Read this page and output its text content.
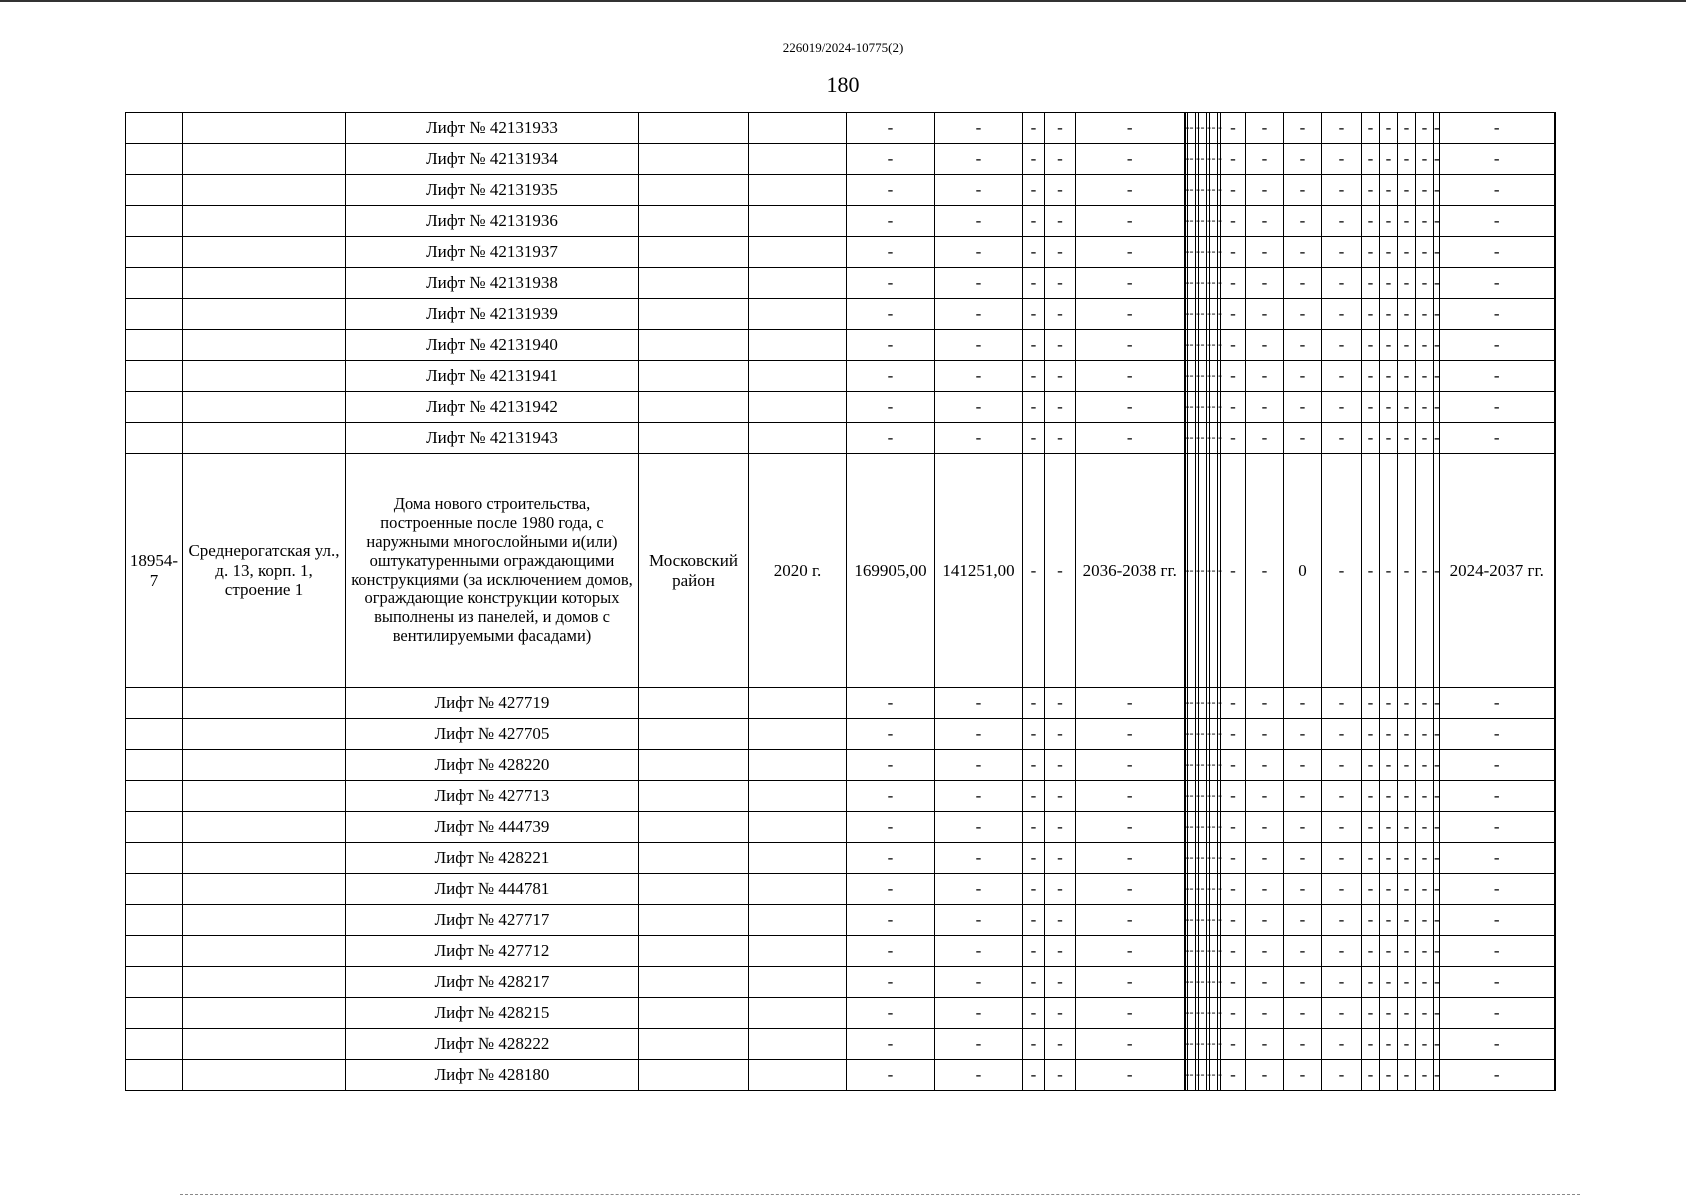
226019/2024-10775(2)
180
		Лифт № 42131933			-	-	-	-	-	-	-	-	-	-	-	-	-	-	-	-	-	-	-	-	-	-
		Лифт № 42131934			-	-	-	-	-	-	-	-	-	-	-	-	-	-	-	-	-	-	-	-	-	-
		Лифт № 42131935			-	-	-	-	-	-	-	-	-	-	-	-	-	-	-	-	-	-	-	-	-	-
		Лифт № 42131936			-	-	-	-	-	-	-	-	-	-	-	-	-	-	-	-	-	-	-	-	-	-
		Лифт № 42131937			-	-	-	-	-	-	-	-	-	-	-	-	-	-	-	-	-	-	-	-	-	-
		Лифт № 42131938			-	-	-	-	-	-	-	-	-	-	-	-	-	-	-	-	-	-	-	-	-	-
		Лифт № 42131939			-	-	-	-	-	-	-	-	-	-	-	-	-	-	-	-	-	-	-	-	-	-
		Лифт № 42131940			-	-	-	-	-	-	-	-	-	-	-	-	-	-	-	-	-	-	-	-	-	-
		Лифт № 42131941			-	-	-	-	-	-	-	-	-	-	-	-	-	-	-	-	-	-	-	-	-	-
		Лифт № 42131942			-	-	-	-	-	-	-	-	-	-	-	-	-	-	-	-	-	-	-	-	-	-
		Лифт № 42131943			-	-	-	-	-	-	-	-	-	-	-	-	-	-	-	-	-	-	-	-	-	-
18954-7	Среднерогатская ул., д. 13, корп. 1, строение 1	Дома нового строительства, построенные после 1980 года, с наружными многослойными и(или) оштукатуренными ограждающими конструкциями (за исключением домов, ограждающие конструкции которых выполнены из панелей, и домов с вентилируемыми фасадами)	Московский район	2020 г.	169905,00	141251,00	-	-	2036-2038 гг.	-	-	-	-	-	-	-	-	-	0	-	-	-	-	-	-	2024-2037 гг.
		Лифт № 427719			-	-	-	-	-	-	-	-	-	-	-	-	-	-	-	-	-	-	-	-	-	-
		Лифт № 427705			-	-	-	-	-	-	-	-	-	-	-	-	-	-	-	-	-	-	-	-	-	-
		Лифт № 428220			-	-	-	-	-	-	-	-	-	-	-	-	-	-	-	-	-	-	-	-	-	-
		Лифт № 427713			-	-	-	-	-	-	-	-	-	-	-	-	-	-	-	-	-	-	-	-	-	-
		Лифт № 444739			-	-	-	-	-	-	-	-	-	-	-	-	-	-	-	-	-	-	-	-	-	-
		Лифт № 428221			-	-	-	-	-	-	-	-	-	-	-	-	-	-	-	-	-	-	-	-	-	-
		Лифт № 444781			-	-	-	-	-	-	-	-	-	-	-	-	-	-	-	-	-	-	-	-	-	-
		Лифт № 427717			-	-	-	-	-	-	-	-	-	-	-	-	-	-	-	-	-	-	-	-	-	-
		Лифт № 427712			-	-	-	-	-	-	-	-	-	-	-	-	-	-	-	-	-	-	-	-	-	-
		Лифт № 428217			-	-	-	-	-	-	-	-	-	-	-	-	-	-	-	-	-	-	-	-	-	-
		Лифт № 428215			-	-	-	-	-	-	-	-	-	-	-	-	-	-	-	-	-	-	-	-	-	-
		Лифт № 428222			-	-	-	-	-	-	-	-	-	-	-	-	-	-	-	-	-	-	-	-	-	-
		Лифт № 428180			-	-	-	-	-	-	-	-	-	-	-	-	-	-	-	-	-	-	-	-	-	-
